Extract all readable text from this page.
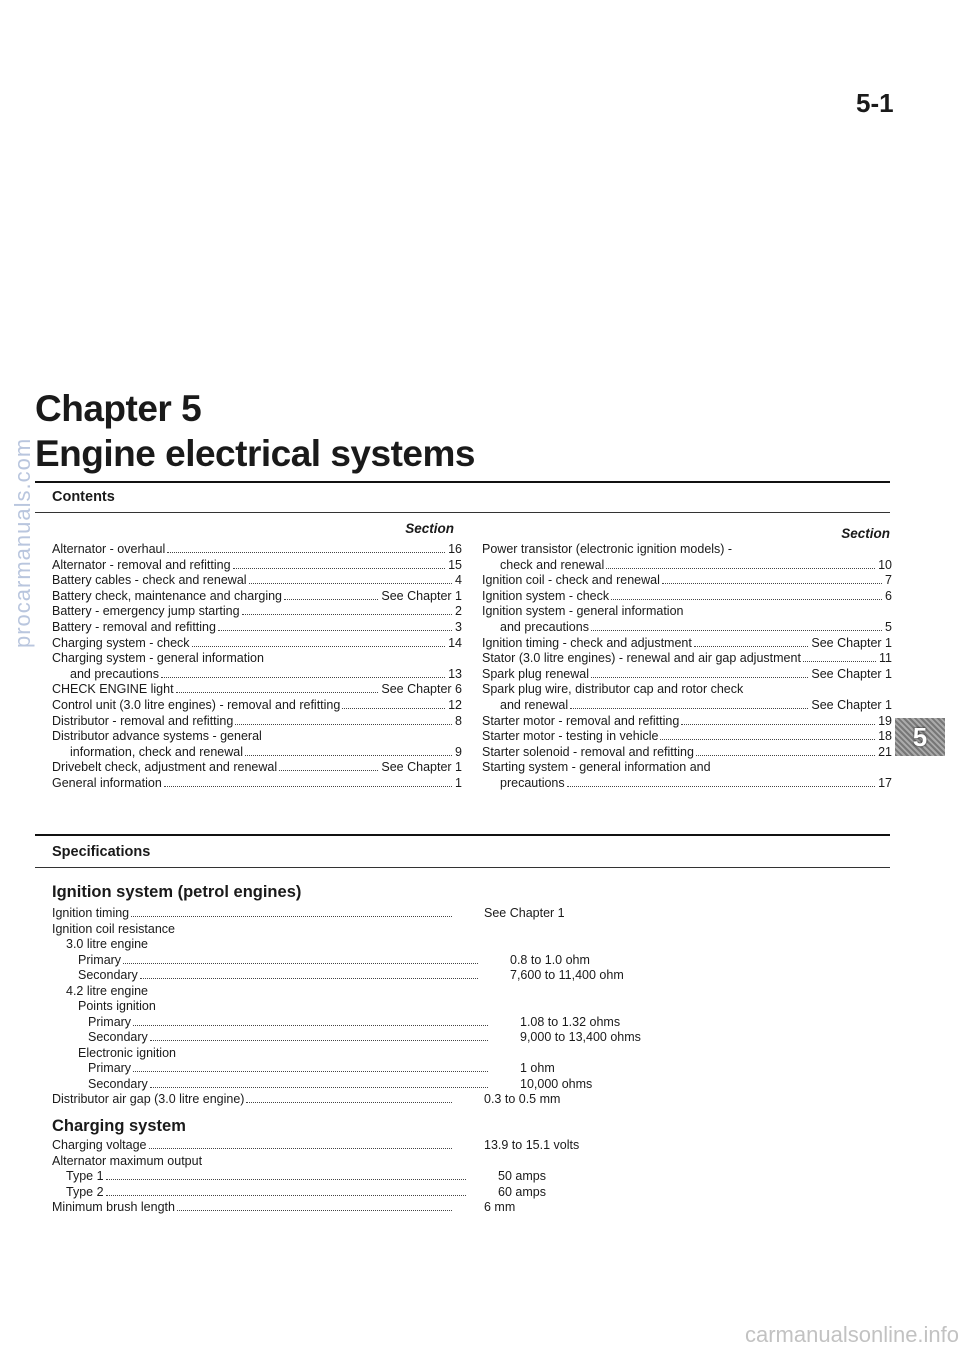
5-1
Chapter 5
Engine electrical systems
Contents
Section	Section
Alternator - overhaul	16
Alternator - removal and refitting	15
Battery cables - check and renewal	4
Battery check, maintenance and charging	See Chapter 1
Battery - emergency jump starting	2
Battery - removal and refitting	3
Charging system - check	14
Charging system - general information
and precautions	13
CHECK ENGINE light	See Chapter 6
Control unit (3.0 litre engines) - removal and refitting	12
Distributor - removal and refitting	8
Distributor advance systems - general
information, check and renewal	9
Drivebelt check, adjustment and renewal	See Chapter 1
General information	1
Power transistor (electronic ignition models) -
check and renewal	10
Ignition coil - check and renewal	7
Ignition system - check	6
Ignition system - general information
and precautions	5
Ignition timing - check and adjustment	See Chapter 1
Stator (3.0 litre engines) - renewal and air gap adjustment	11
Spark plug renewal	See Chapter 1
Spark plug wire, distributor cap and rotor check
and renewal	See Chapter 1
Starter motor - removal and refitting	19
Starter motor - testing in vehicle	18
Starter solenoid - removal and refitting	21
Starting system - general information and
precautions	17
Specifications
Ignition system (petrol engines)
Ignition timing	See Chapter 1
Ignition coil resistance
3.0 litre engine
Primary	0.8 to 1.0 ohm
Secondary	7,600 to 11,400 ohm
4.2 litre engine
Points ignition
Primary	1.08 to 1.32 ohms
Secondary	9,000 to 13,400 ohms
Electronic ignition
Primary	1 ohm
Secondary	10,000 ohms
Distributor air gap (3.0 litre engine)	0.3 to 0.5 mm
Charging system
Charging voltage	13.9 to 15.1 volts
Alternator maximum output
Type 1	50 amps
Type 2	60 amps
Minimum brush length	6 mm
5
procarmanuals.com
carmanualsonline.info
